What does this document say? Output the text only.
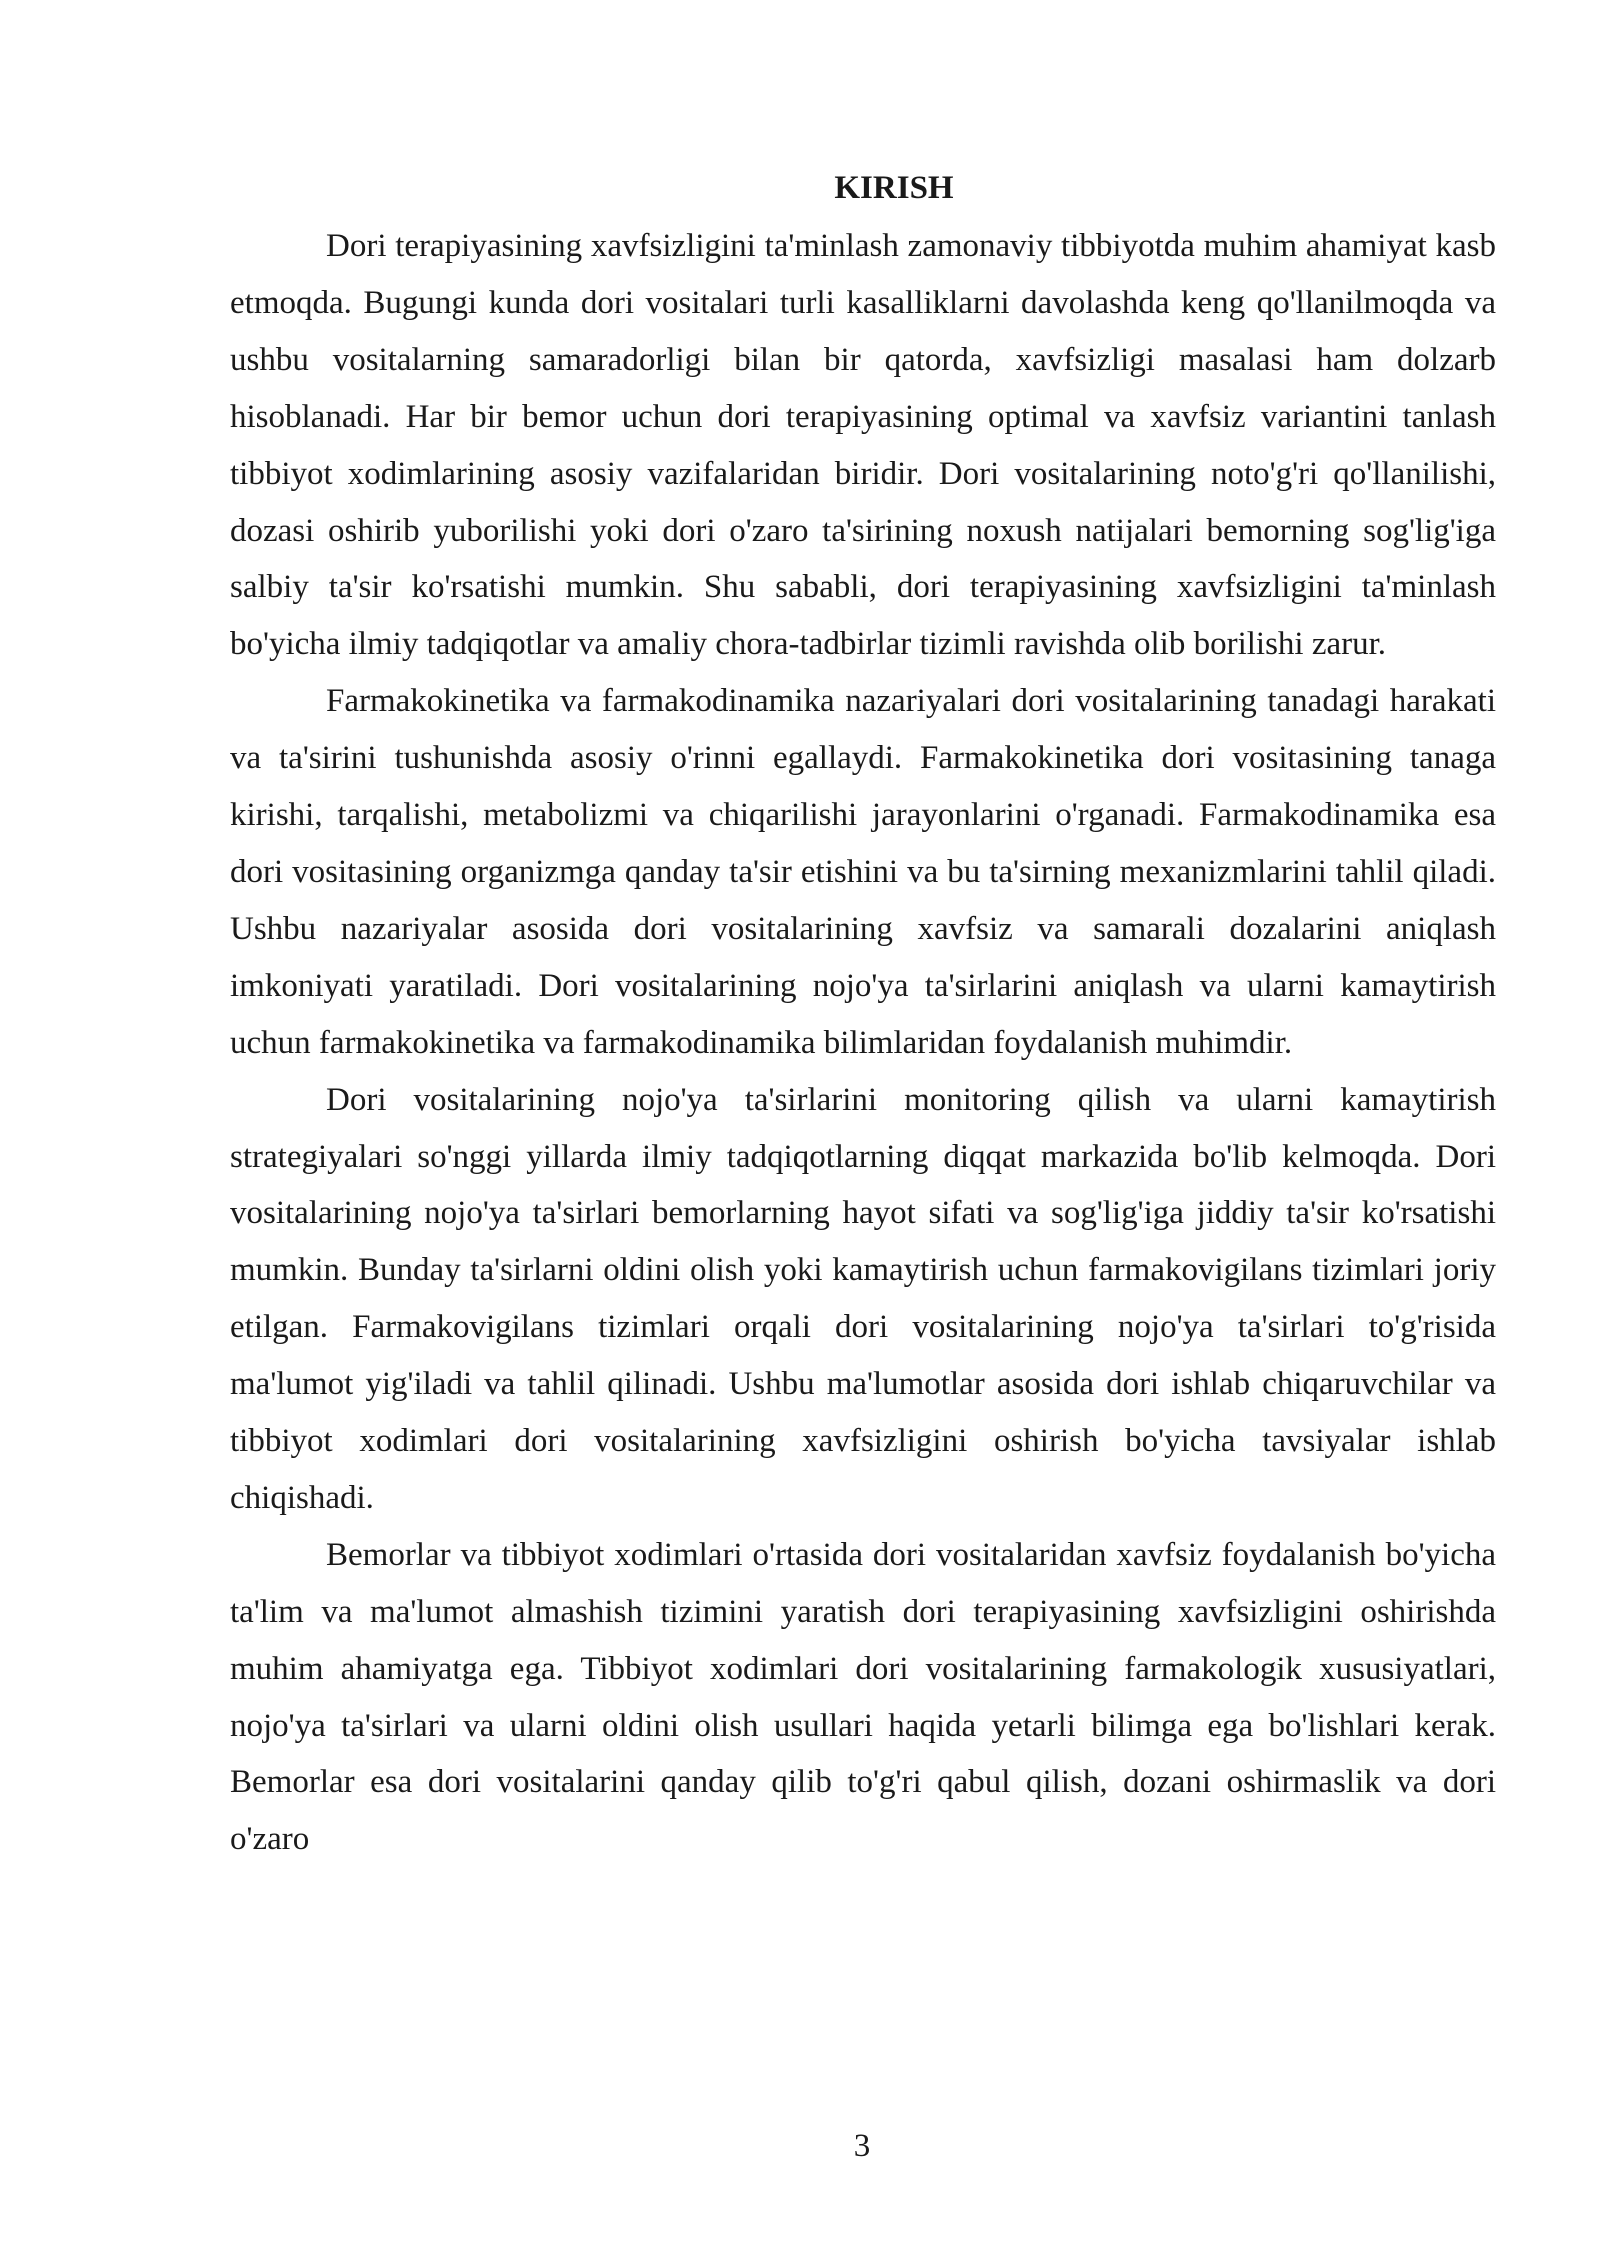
KIRISH

Dori terapiyasining xavfsizligini ta'minlash zamonaviy tibbiyotda muhim ahamiyat kasb etmoqda. Bugungi kunda dori vositalari turli kasalliklarni davolashda keng qo'llanilmoqda va ushbu vositalarning samaradorligi bilan bir qatorda, xavfsizligi masalasi ham dolzarb hisoblanadi. Har bir bemor uchun dori terapiyasining optimal va xavfsiz variantini tanlash tibbiyot xodimlarining asosiy vazifalaridan biridir. Dori vositalarining noto'g'ri qo'llanilishi, dozasi oshirib yuborilishi yoki dori o'zaro ta'sirining noxush natijalari bemorning sog'lig'iga salbiy ta'sir ko'rsatishi mumkin. Shu sababli, dori terapiyasining xavfsizligini ta'minlash bo'yicha ilmiy tadqiqotlar va amaliy chora-tadbirlar tizimli ravishda olib borilishi zarur.

Farmakokinetika va farmakodinamika nazariyalari dori vositalarining tanadagi harakati va ta'sirini tushunishda asosiy o'rinni egallaydi. Farmakokinetika dori vositasining tanaga kirishi, tarqalishi, metabolizmi va chiqarilishi jarayonlarini o'rganadi. Farmakodinamika esa dori vositasining organizmga qanday ta'sir etishini va bu ta'sirning mexanizmlarini tahlil qiladi. Ushbu nazariyalar asosida dori vositalarining xavfsiz va samarali dozalarini aniqlash imkoniyati yaratiladi. Dori vositalarining nojo'ya ta'sirlarini aniqlash va ularni kamaytirish uchun farmakokinetika va farmakodinamika bilimlaridan foydalanish muhimdir.

Dori vositalarining nojo'ya ta'sirlarini monitoring qilish va ularni kamaytirish strategiyalari so'nggi yillarda ilmiy tadqiqotlarning diqqat markazida bo'lib kelmoqda. Dori vositalarining nojo'ya ta'sirlari bemorlarning hayot sifati va sog'lig'iga jiddiy ta'sir ko'rsatishi mumkin. Bunday ta'sirlarni oldini olish yoki kamaytirish uchun farmakovigilans tizimlari joriy etilgan. Farmakovigilans tizimlari orqali dori vositalarining nojo'ya ta'sirlari to'g'risida ma'lumot yig'iladi va tahlil qilinadi. Ushbu ma'lumotlar asosida dori ishlab chiqaruvchilar va tibbiyot xodimlari dori vositalarining xavfsizligini oshirish bo'yicha tavsiyalar ishlab chiqishadi.

Bemorlar va tibbiyot xodimlari o'rtasida dori vositalaridan xavfsiz foydalanish bo'yicha ta'lim va ma'lumot almashish tizimini yaratish dori terapiyasining xavfsizligini oshirishda muhim ahamiyatga ega. Tibbiyot xodimlari dori vositalarining farmakologik xususiyatlari, nojo'ya ta'sirlari va ularni oldini olish usullari haqida yetarli bilimga ega bo'lishlari kerak. Bemorlar esa dori vositalarini qanday qilib to'g'ri qabul qilish, dozani oshirmaslik va dori o'zaro

3
